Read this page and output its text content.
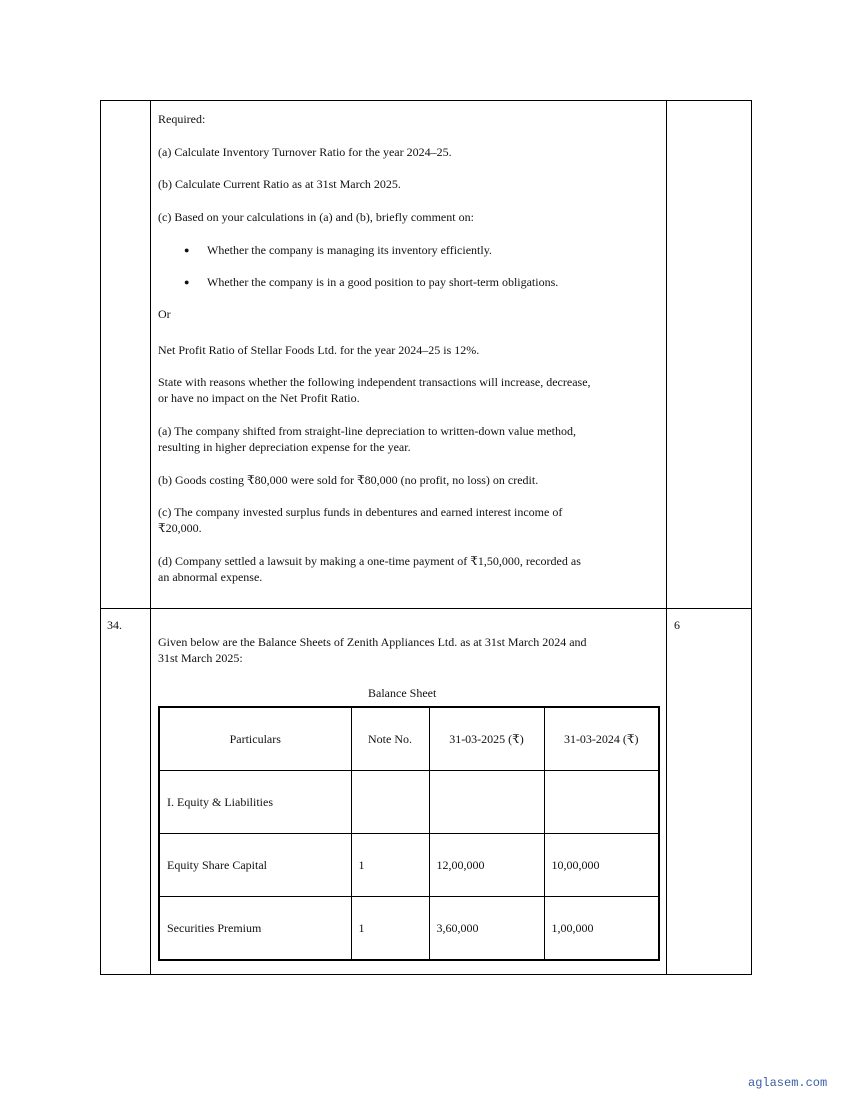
Required:
(a) Calculate Inventory Turnover Ratio for the year 2024–25.
(b) Calculate Current Ratio as at 31st March 2025.
(c) Based on your calculations in (a) and (b), briefly comment on:
● Whether the company is managing its inventory efficiently.
● Whether the company is in a good position to pay short-term obligations.
Or
Net Profit Ratio of Stellar Foods Ltd. for the year 2024–25 is 12%.
State with reasons whether the following independent transactions will increase, decrease,
or have no impact on the Net Profit Ratio.
(a) The company shifted from straight-line depreciation to written-down value method,
resulting in higher depreciation expense for the year.
(b) Goods costing ₹80,000 were sold for ₹80,000 (no profit, no loss) on credit.
(c) The company invested surplus funds in debentures and earned interest income of
₹20,000.
(d) Company settled a lawsuit by making a one-time payment of ₹1,50,000, recorded as
an abnormal expense.
34.	6
Given below are the Balance Sheets of Zenith Appliances Ltd. as at 31st March 2024 and
31st March 2025:
Balance Sheet
Particulars	Note No.	31-03-2025 (₹)	31-03-2024 (₹)
I. Equity & Liabilities			
Equity Share Capital	1	12,00,000	10,00,000
Securities Premium	1	3,60,000	1,00,000
aglasem.com
